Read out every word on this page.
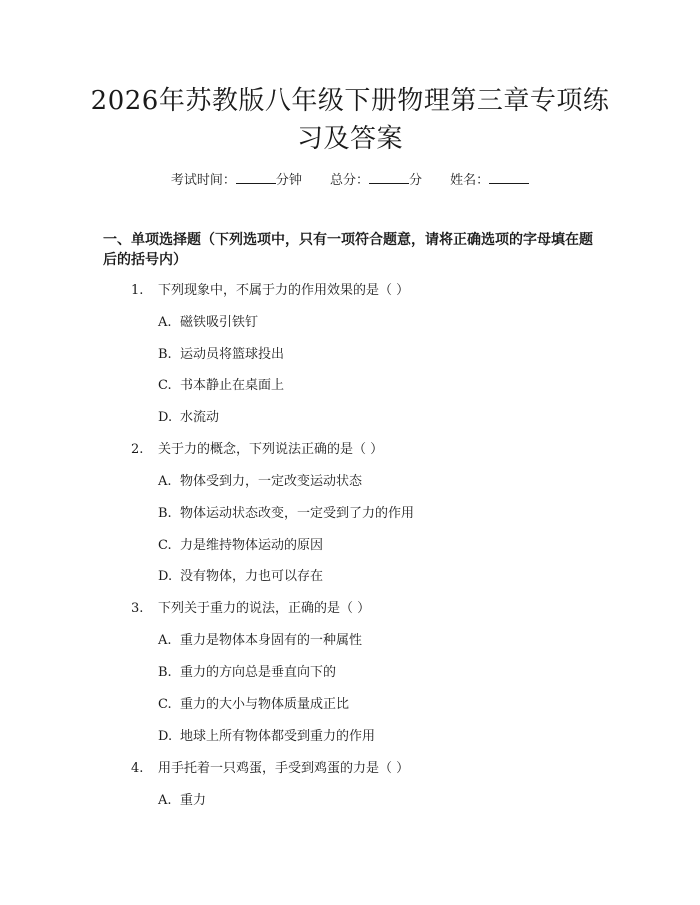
2026年苏教版八年级下册物理第三章专项练习及答案
考试时间：	分钟 总分：	分 姓名：
一、单项选择题（下列选项中，只有一项符合题意，请将正确选项的字母填在题后的括号内）
1. 下列现象中，不属于力的作用效果的是（ ）
A. 磁铁吸引铁钉
B. 运动员将篮球投出
C. 书本静止在桌面上
D. 水流动
2. 关于力的概念，下列说法正确的是（ ）
A. 物体受到力，一定改变运动状态
B. 物体运动状态改变，一定受到了力的作用
C. 力是维持物体运动的原因
D. 没有物体，力也可以存在
3. 下列关于重力的说法，正确的是（ ）
A. 重力是物体本身固有的一种属性
B. 重力的方向总是垂直向下的
C. 重力的大小与物体质量成正比
D. 地球上所有物体都受到重力的作用
4. 用手托着一只鸡蛋，手受到鸡蛋的力是（ ）
A. 重力
